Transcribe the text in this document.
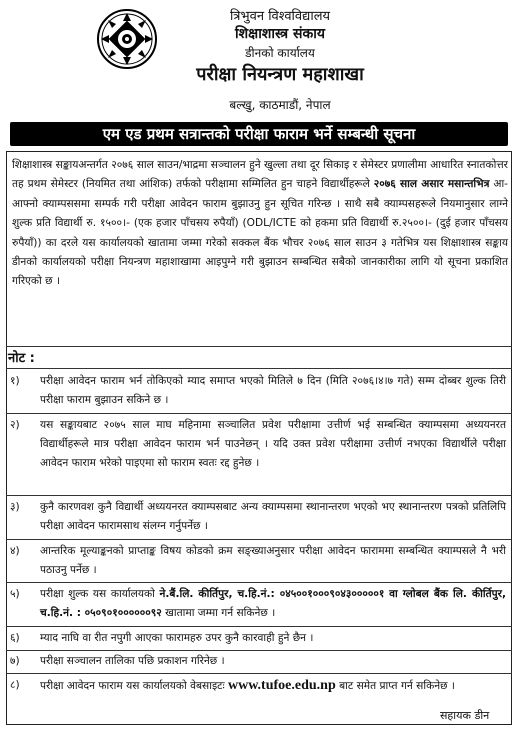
त्रिभुवन विश्वविद्यालय
शिक्षाशास्त्र संकाय
डीनको कार्यालय
परीक्षा नियन्त्रण महाशाखा
बल्खु, काठमाडौं, नेपाल
एम एड प्रथम सत्रान्तको परीक्षा फाराम भर्ने सम्बन्धी सूचना
शिक्षाशास्त्र सङ्कायअन्तर्गत २०७६ साल साउन/भाद्रमा सञ्चालन हुने खुल्ला तथा दूर सिकाइ र सेमेस्टर प्रणालीमा आधारित स्नातकोत्तर तह प्रथम सेमेस्टर (नियमित तथा आंशिक) तर्फको परीक्षामा सम्मिलित हुन चाहने विद्यार्थीहरूले २०७६ साल असार मसान्तभित्र आ-आफ्नो क्याम्पससमा सम्पर्क गरी परीक्षा आवेदन फाराम बुझाउनु हुन सूचित गरिन्छ । साथै सबै क्याम्पसहरूले नियमानुसार लाग्ने शुल्क प्रति विद्यार्थी रु. १५००।- (एक हजार पाँचसय रुपैयाँ) (ODL/ICTE को हकमा प्रति विद्यार्थी रु.२५००।- (दुई हजार पाँचसय रुपैयाँ)) का दरले यस कार्यालयको खातामा जम्मा गरेको सक्कल बैंक भौचर २०७६ साल साउन ३ गतेभित्र यस शिक्षाशास्त्र सङ्काय डीनको कार्यालयको परीक्षा नियन्त्रण महाशाखामा आइपुग्ने गरी बुझाउन सम्बन्धित सबैको जानकारीका लागि यो सूचना प्रकाशित गरिएको छ ।
नोट :
१)	परीक्षा आवेदन फाराम भर्न तोकिएको म्याद समाप्त भएको मितिले ७ दिन (मिति २०७६।४।७ गते) सम्म दोब्बर शुल्क तिरी परीक्षा फाराम बुझाउन सकिने छ ।
२)	यस सङ्कायबाट २०७५ साल माघ महिनामा सञ्चालित प्रवेश परीक्षामा उत्तीर्ण भई सम्बन्धित क्याम्पसमा अध्ययनरत विद्यार्थीहरूले मात्र परीक्षा आवेदन फाराम भर्न पाउनेछन् । यदि उक्त प्रवेश परीक्षामा उत्तीर्ण नभएका विद्यार्थीले परीक्षा आवेदन फाराम भरेको पाइएमा सो फाराम स्वतः रद्द हुनेछ ।
३)	कुनै कारणवश कुनै विद्यार्थी अध्ययनरत क्याम्पसबाट अन्य क्याम्पसमा स्थानान्तरण भएको भए स्थानान्तरण पत्रको प्रतिलिपि परीक्षा आवेदन फारामसाथ संलग्न गर्नुपर्नेछ ।
४)	आन्तरिक मूल्याङ्कनको प्राप्ताङ्क विषय कोडको क्रम सङ्ख्याअनुसार परीक्षा आवेदन फाराममा सम्बन्धित क्याम्पसले नै भरी पठाउनु पर्नेछ ।
५)	परीक्षा शुल्क यस कार्यालयको ने.बैं.लि. कीर्तिपुर, च.हि.नं.: ०४५००१०००९०४३०००००१ वा ग्लोबल बैंक लि. कीर्तिपुर, च.हि.नं. : ०५०९०१००००००९२ खातामा जम्मा गर्न सकिनेछ ।
६)	म्याद नाघि वा रीत नपुगी आएका फारामहरु उपर कुनै कारवाही हुने छैन ।
७)	परीक्षा सञ्चालन तालिका पछि प्रकाशन गरिनेछ ।
८)	परीक्षा आवेदन फाराम यस कार्यालयको वेबसाइटः www.tufoe.edu.np बाट समेत प्राप्त गर्न सकिनेछ ।
सहायक डीन
